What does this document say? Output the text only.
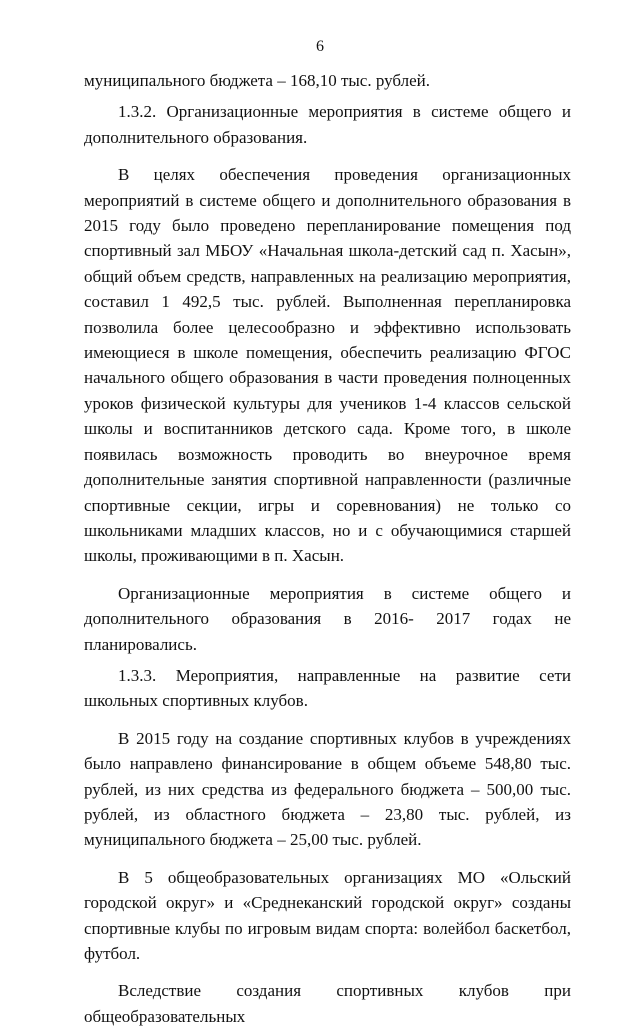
6

муниципального бюджета – 168,10 тыс. рублей.

1.3.2. Организационные мероприятия в системе общего и дополнительного образования.

В целях обеспечения проведения организационных мероприятий в системе общего и дополнительного образования в 2015 году было проведено перепланирование помещения под спортивный зал МБОУ «Начальная школа-детский сад п. Хасын», общий объем средств, направленных на реализацию мероприятия, составил 1 492,5 тыс. рублей. Выполненная перепланировка позволила более целесообразно и эффективно использовать имеющиеся в школе помещения, обеспечить реализацию ФГОС начального общего образования в части проведения полноценных уроков физической культуры для учеников 1-4 классов сельской школы и воспитанников детского сада. Кроме того, в школе появилась возможность проводить во внеурочное время дополнительные занятия спортивной направленности (различные спортивные секции, игры и соревнования) не только со школьниками младших классов, но и с обучающимися старшей школы, проживающими в п. Хасын.

Организационные мероприятия в системе общего и дополнительного образования в 2016- 2017 годах не планировались.

1.3.3. Мероприятия, направленные на развитие сети школьных спортивных клубов.

В 2015 году на создание спортивных клубов в учреждениях было направлено финансирование в общем объеме 548,80 тыс. рублей, из них средства из федерального бюджета – 500,00 тыс. рублей, из областного бюджета – 23,80 тыс. рублей, из муниципального бюджета – 25,00 тыс. рублей.

В 5 общеобразовательных организациях МО «Ольский городской округ» и «Среднеканский городской округ» созданы спортивные клубы по игровым видам спорта: волейбол баскетбол, футбол.

Вследствие создания спортивных клубов при общеобразовательных
